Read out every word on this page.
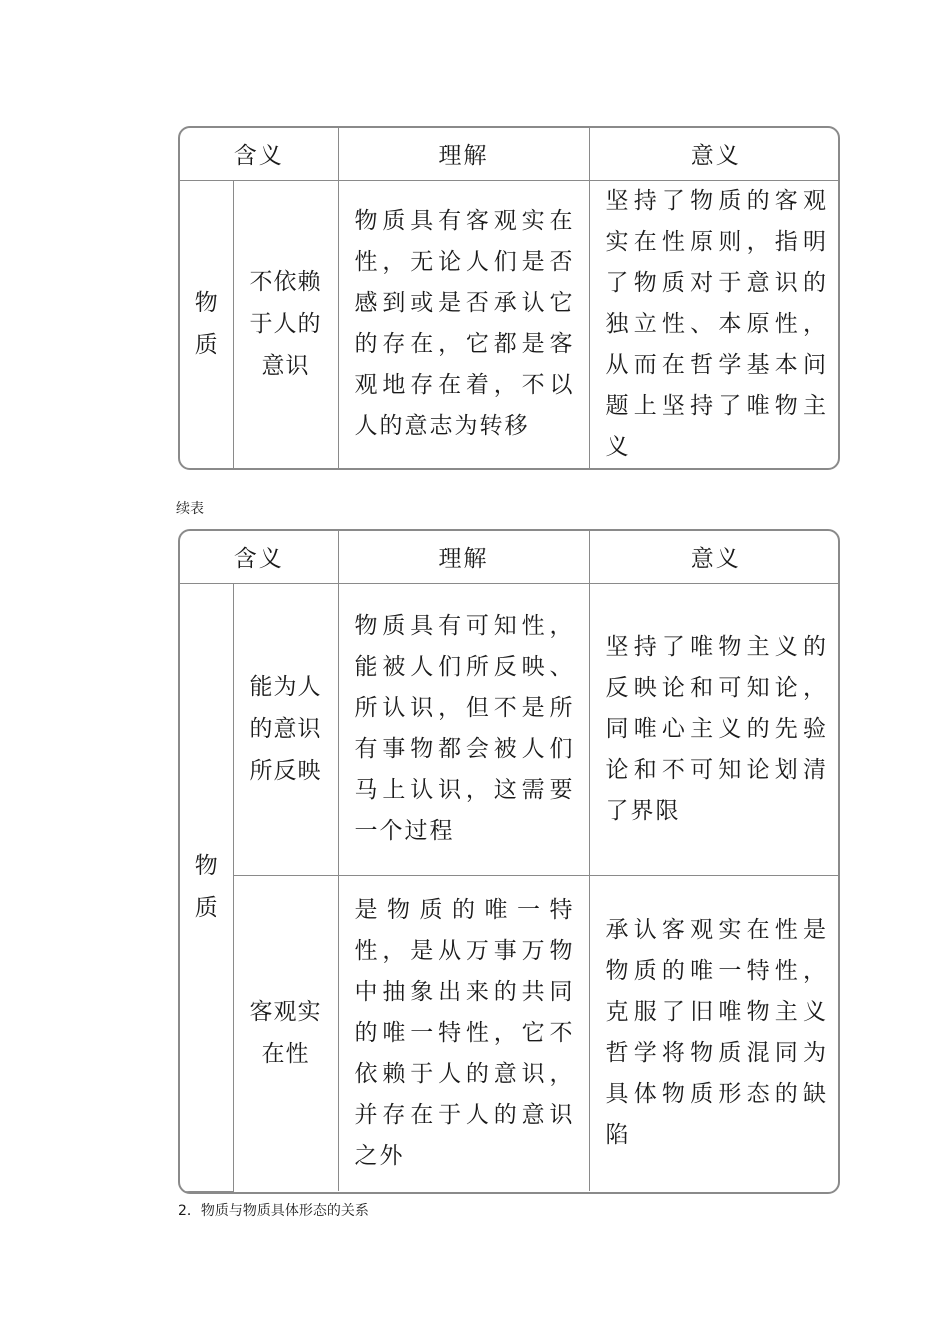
含义		理解	意义

物质	不依赖于人的意识	物质具有客观实在性，无论人们是否感到或是否承认它的存在，它都是客观地存在着，不以人的意志为转移	坚持了物质的客观实在性原则，指明了物质对于意识的独立性、本原性，从而在哲学基本问题上坚持了唯物主义
续表
含义		理解	意义

物质	能为人的意识所反映	物质具有可知性，能被人们所反映、所认识，但不是所有事物都会被人们马上认识，这需要一个过程	坚持了唯物主义的反映论和可知论，同唯心主义的先验论和不可知论划清了界限

	客观实在性	是物质的唯一特性，是从万事万物中抽象出来的共同的唯一特性，它不依赖于人的意识，并存在于人的意识之外	承认客观实在性是物质的唯一特性，克服了旧唯物主义哲学将物质混同为具体物质形态的缺陷
2．物质与物质具体形态的关系
